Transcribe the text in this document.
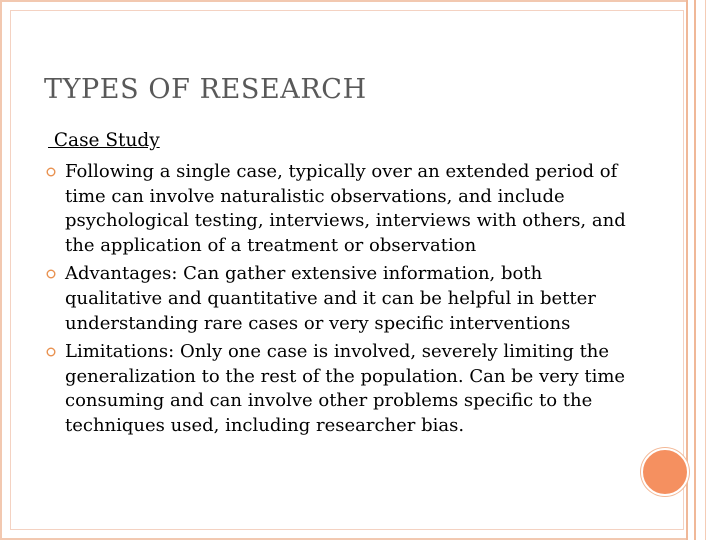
TYPES OF RESEARCH
Case Study
Following a single case, typically over an extended period of time can involve naturalistic observations, and include psychological testing, interviews, interviews with others, and the application of a treatment or observation
Advantages: Can gather extensive information, both qualitative and quantitative and it can be helpful in better understanding rare cases or very specific interventions
Limitations: Only one case is involved, severely limiting the generalization to the rest of the population. Can be very time consuming and can involve other problems specific to the techniques used, including researcher bias.
